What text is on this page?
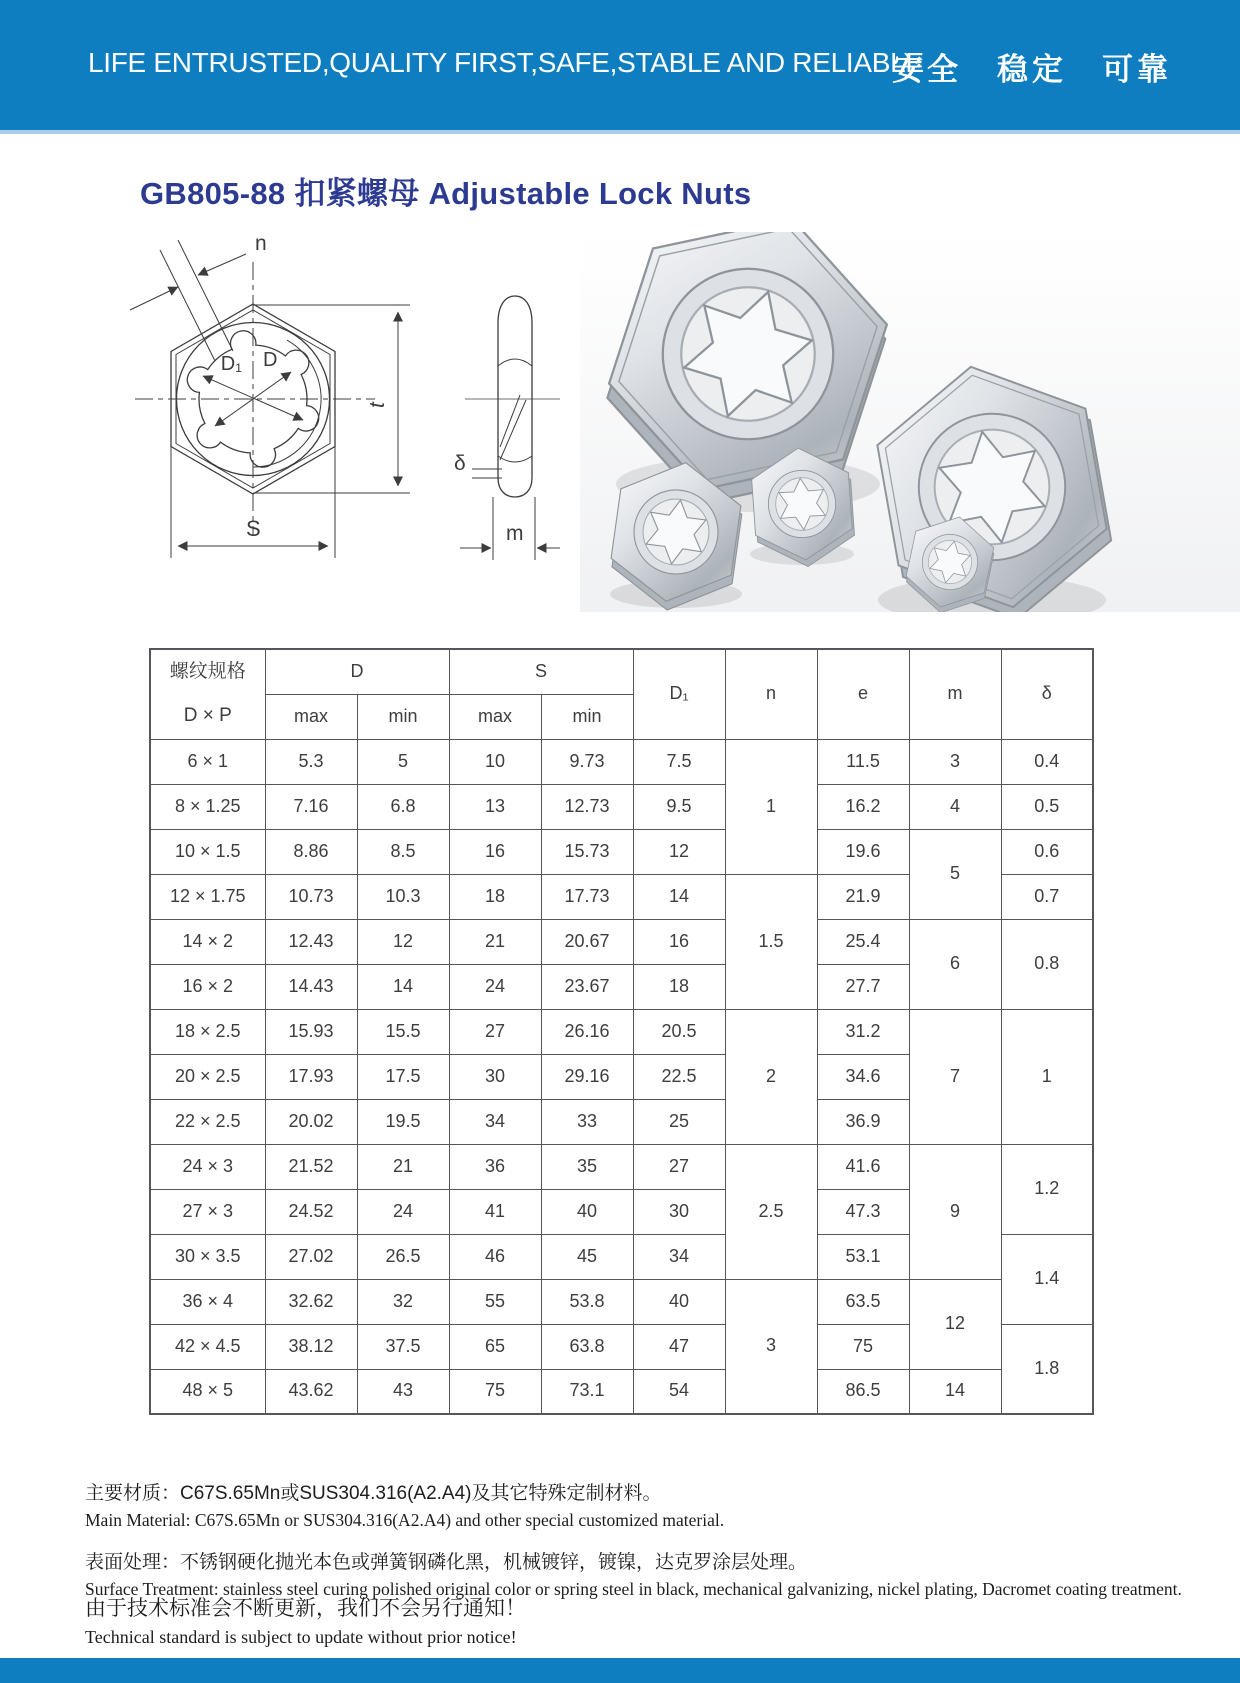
LIFE ENTRUSTED,QUALITY FIRST,SAFE,STABLE AND RELIABLE
安全　稳定　可靠
GB805-88 扣紧螺母 Adjustable Lock Nuts
n
D₁ D
t
S
δ
m
螺纹规格
D × P	D		S		D₁	n	e	m	δ
	max	min	max	min					
6 × 1	5.3	5	10	9.73	7.5	1	11.5	3	0.4
8 × 1.25	7.16	6.8	13	12.73	9.5		16.2	4	0.5
10 × 1.5	8.86	8.5	16	15.73	12		19.6	5	0.6
12 × 1.75	10.73	10.3	18	17.73	14	1.5	21.9		0.7
14 × 2	12.43	12	21	20.67	16		25.4	6	0.8
16 × 2	14.43	14	24	23.67	18		27.7		
18 × 2.5	15.93	15.5	27	26.16	20.5	2	31.2	7	1
20 × 2.5	17.93	17.5	30	29.16	22.5		34.6		
22 × 2.5	20.02	19.5	34	33	25		36.9		
24 × 3	21.52	21	36	35	27	2.5	41.6	9	1.2
27 × 3	24.52	24	41	40	30		47.3		
30 × 3.5	27.02	26.5	46	45	34		53.1		1.4
36 × 4	32.62	32	55	53.8	40	3	63.5	12	
42 × 4.5	38.12	37.5	65	63.8	47		75		1.8
48 × 5	43.62	43	75	73.1	54		86.5	14	

主要材质：C67S.65Mn或SUS304.316(A2.A4)及其它特殊定制材料。

Main Material: C67S.65Mn or SUS304.316(A2.A4) and other special customized material.

表面处理：不锈钢硬化抛光本色或弹簧钢磷化黑，机械镀锌，镀镍，达克罗涂层处理。

Surface Treatment: stainless steel curing polished original color or spring steel in black, mechanical galvanizing, nickel plating, Dacromet coating treatment.

由于技术标准会不断更新，我们不会另行通知！

Technical standard is subject to update without prior notice!
